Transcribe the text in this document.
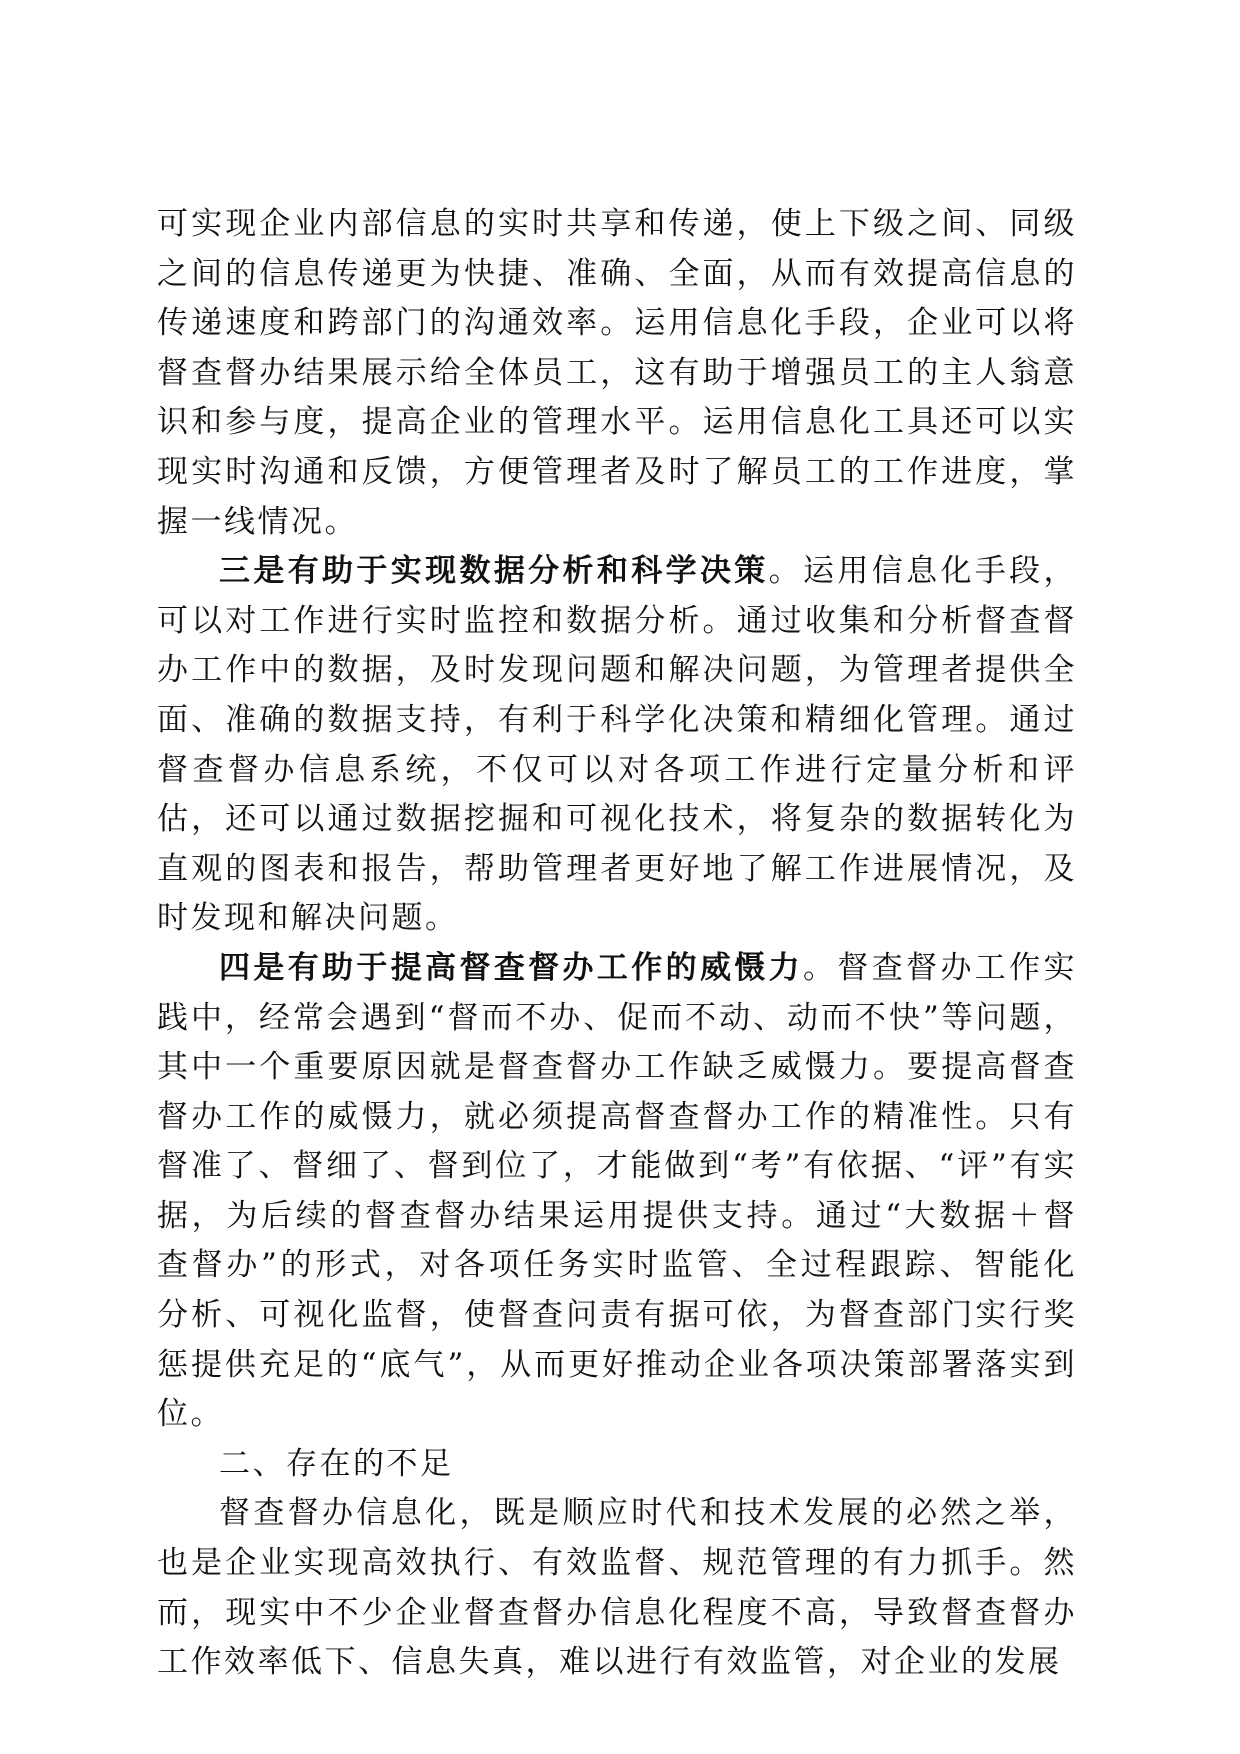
可实现企业内部信息的实时共享和传递，使上下级之间、同级之间的信息传递更为快捷、准确、全面，从而有效提高信息的传递速度和跨部门的沟通效率。运用信息化手段，企业可以将督查督办结果展示给全体员工，这有助于增强员工的主人翁意识和参与度，提高企业的管理水平。运用信息化工具还可以实现实时沟通和反馈，方便管理者及时了解员工的工作进度，掌握一线情况。

三是有助于实现数据分析和科学决策。运用信息化手段，可以对工作进行实时监控和数据分析。通过收集和分析督查督办工作中的数据，及时发现问题和解决问题，为管理者提供全面、准确的数据支持，有利于科学化决策和精细化管理。通过督查督办信息系统，不仅可以对各项工作进行定量分析和评估，还可以通过数据挖掘和可视化技术，将复杂的数据转化为直观的图表和报告，帮助管理者更好地了解工作进展情况，及时发现和解决问题。

四是有助于提高督查督办工作的威慑力。督查督办工作实践中，经常会遇到“督而不办、促而不动、动而不快”等问题，其中一个重要原因就是督查督办工作缺乏威慑力。要提高督查督办工作的威慑力，就必须提高督查督办工作的精准性。只有督准了、督细了、督到位了，才能做到“考”有依据、“评”有实据，为后续的督查督办结果运用提供支持。通过“大数据＋督查督办”的形式，对各项任务实时监管、全过程跟踪、智能化分析、可视化监督，使督查问责有据可依，为督查部门实行奖惩提供充足的“底气”，从而更好推动企业各项决策部署落实到位。

二、存在的不足

督查督办信息化，既是顺应时代和技术发展的必然之举，也是企业实现高效执行、有效监督、规范管理的有力抓手。然而，现实中不少企业督查督办信息化程度不高，导致督查督办工作效率低下、信息失真，难以进行有效监管，对企业的发展
